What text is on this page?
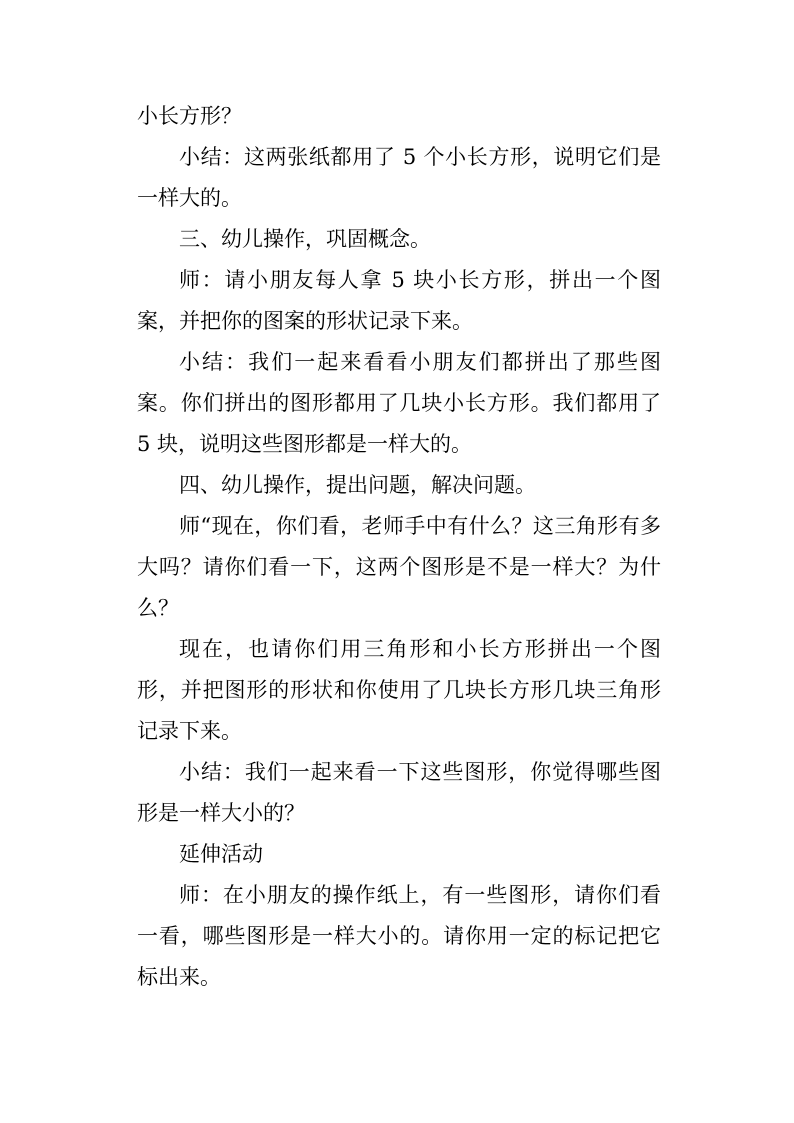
小长方形？

小结：这两张纸都用了 5 个小长方形，说明它们是一样大的。

三、幼儿操作，巩固概念。

师：请小朋友每人拿 5 块小长方形，拼出一个图案，并把你的图案的形状记录下来。

小结：我们一起来看看小朋友们都拼出了那些图案。你们拼出的图形都用了几块小长方形。我们都用了 5 块，说明这些图形都是一样大的。

四、幼儿操作，提出问题，解决问题。

师“现在，你们看，老师手中有什么？这三角形有多大吗？请你们看一下，这两个图形是不是一样大？为什么？

现在，也请你们用三角形和小长方形拼出一个图形，并把图形的形状和你使用了几块长方形几块三角形记录下来。

小结：我们一起来看一下这些图形，你觉得哪些图形是一样大小的？

延伸活动

师：在小朋友的操作纸上，有一些图形，请你们看一看，哪些图形是一样大小的。请你用一定的标记把它标出来。
